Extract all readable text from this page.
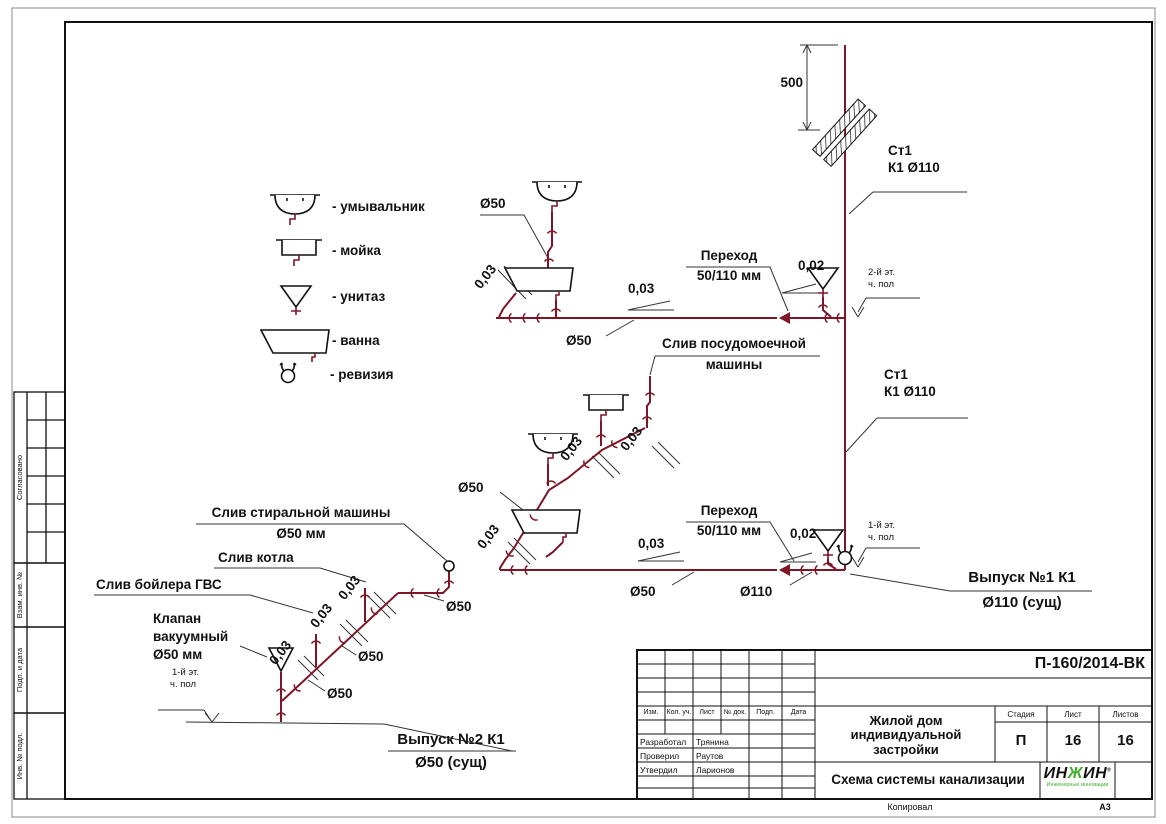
- умывальник
- мойка
- унитаз
- ванна
- ревизия
500
Ст1
К1 Ø110
2-й эт.
ч. пол
Ст1
К1 Ø110
1-й эт.
ч. пол
Выпуск №1 К1
Ø110 (сущ)
Переход
50/110 мм
0,02
0,03
Ø50
0,03
Ø50	Слив посудомоечной
машины
0,03
0,03
Ø50
0,03	0,03
Переход
50/110 мм	0,02
Ø50	Ø110
Слив стиральной машины
Ø50 мм
Слив котла
Слив бойлера ГВС
Клапан
вакуумный
Ø50 мм
1-й эт.
ч. пол
Выпуск №2 К1
Ø50 (сущ)
Ø50
Ø50
Ø50
0,03
0,03
0,03
Согласовано
Взам. инв. №
Подп. и дата
Инв. № подл.
П-160/2014-ВК
Изм.	Кол. уч.	Лист	№ док.	Подп.	Дата
Разработал Трянина
Проверил Раутов
Утвердил Ларионов
Жилой дом индивидуальной застройки
Стадия	Лист	Листов
П	16	16
Схема системы канализации	ИНЖИН®
Инженерные инновации
Копировал	А3
